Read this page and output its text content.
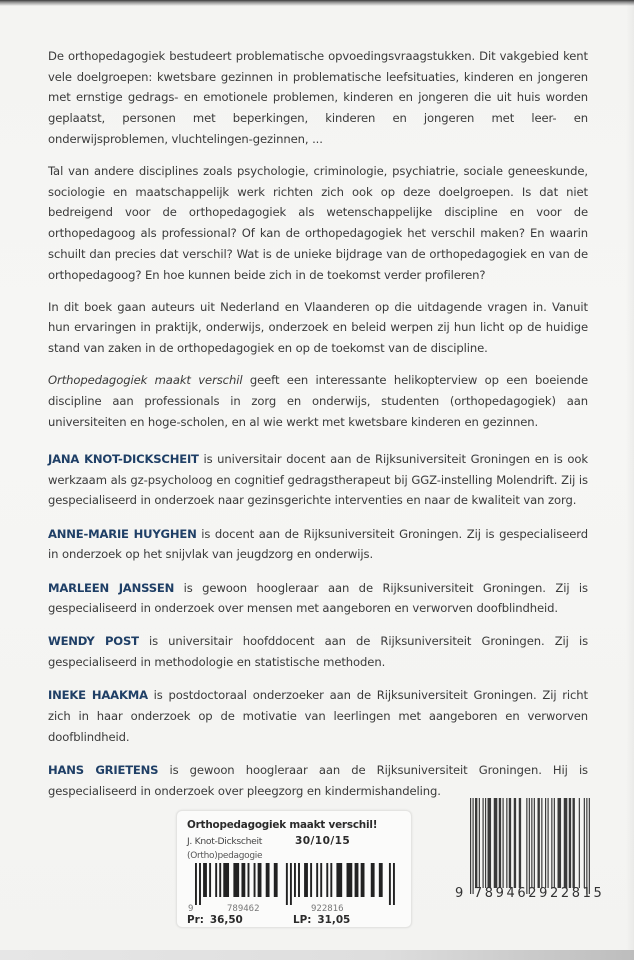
De orthopedagogiek bestudeert problematische opvoedingsvraagstukken. Dit vakgebied kent vele doelgroepen: kwetsbare gezinnen in problematische leefsituaties, kinderen en jongeren met ernstige gedrags- en emotionele problemen, kinderen en jongeren die uit huis worden geplaatst, personen met beperkingen, kinderen en jongeren met leer- en onderwijsproblemen, vluchtelingen-gezinnen, ...

Tal van andere disciplines zoals psychologie, criminologie, psychiatrie, sociale geneeskunde, sociologie en maatschappelijk werk richten zich ook op deze doelgroepen. Is dat niet bedreigend voor de orthopedagogiek als wetenschappelijke discipline en voor de orthopedagoog als professional? Of kan de orthopedagogiek het verschil maken? En waarin schuilt dan precies dat verschil? Wat is de unieke bijdrage van de orthopedagogiek en van de orthopedagoog? En hoe kunnen beide zich in de toekomst verder profileren?

In dit boek gaan auteurs uit Nederland en Vlaanderen op die uitdagende vragen in. Vanuit hun ervaringen in praktijk, onderwijs, onderzoek en beleid werpen zij hun licht op de huidige stand van zaken in de orthopedagogiek en op de toekomst van de discipline.

Orthopedagogiek maakt verschil geeft een interessante helikopterview op een boeiende discipline aan professionals in zorg en onderwijs, studenten (orthopedagogiek) aan universiteiten en hoge-scholen, en al wie werkt met kwetsbare kinderen en gezinnen.

JANA KNOT-DICKSCHEIT is universitair docent aan de Rijksuniversiteit Groningen en is ook werkzaam als gz-psycholoog en cognitief gedragstherapeut bij GGZ-instelling Molendrift. Zij is gespecialiseerd in onderzoek naar gezinsgerichte interventies en naar de kwaliteit van zorg.

ANNE-MARIE HUYGHEN is docent aan de Rijksuniversiteit Groningen. Zij is gespecialiseerd in onderzoek op het snijvlak van jeugdzorg en onderwijs.

MARLEEN JANSSEN is gewoon hoogleraar aan de Rijksuniversiteit Groningen. Zij is gespecialiseerd in onderzoek over mensen met aangeboren en verworven doofblindheid.

WENDY POST is universitair hoofddocent aan de Rijksuniversiteit Groningen. Zij is gespecialiseerd in methodologie en statistische methoden.

INEKE HAAKMA is postdoctoraal onderzoeker aan de Rijksuniversiteit Groningen. Zij richt zich in haar onderzoek op de motivatie van leerlingen met aangeboren en verworven doofblindheid.

HANS GRIETENS is gewoon hoogleraar aan de Rijksuniversiteit Groningen. Hij is gespecialiseerd in onderzoek over pleegzorg en kindermishandeling.

Orthopedagogiek maakt verschil!
J. Knot-Dickscheit	30/10/15
(Ortho)pedagogie
9	789462	922816
Pr: 36,50	LP: 31,05
9 789462922815
